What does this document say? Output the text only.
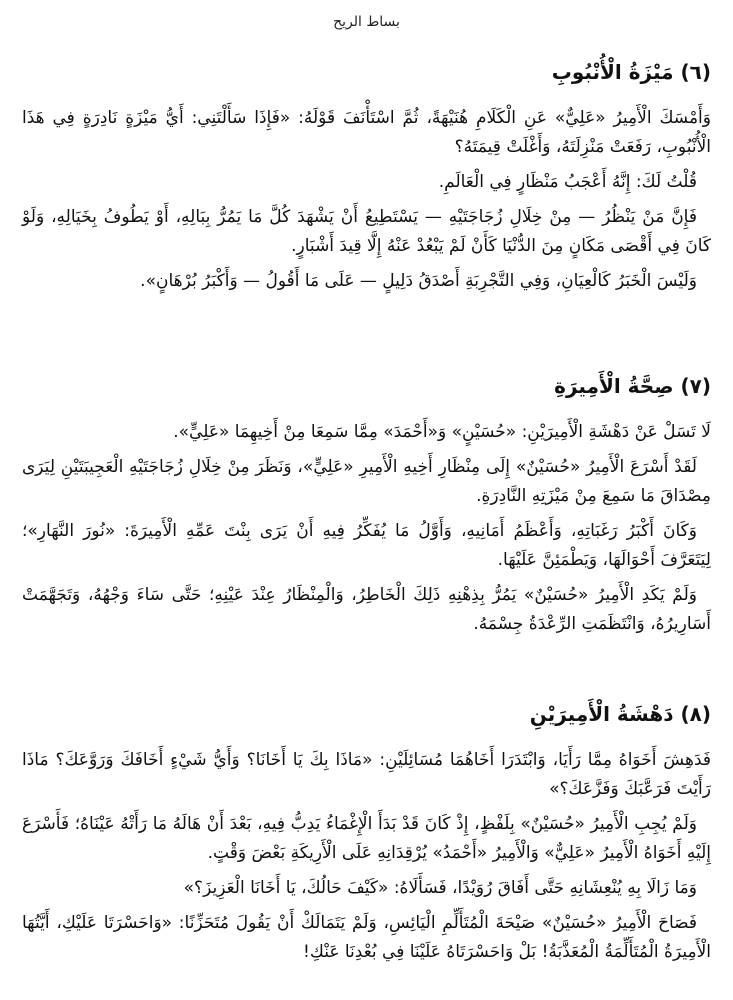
بساط الريح
(٦) مَيْزَةُ الْأُنْبُوبِ

وَأَمْسَكَ الْأَمِيرُ «عَلِيٌّ» عَنِ الْكَلَامِ هُنَيْهَةً، ثُمَّ اسْتَأْنَفَ قَوْلَهُ: «فَإِذَا سَأَلْتَنِي: أَيُّ مَيْزَةٍ نَادِرَةٍ فِي هَذَا الْأُنْبُوبِ، رَفَعَتْ مَنْزِلَتَهُ، وَأَغْلَتْ قِيمَتَهُ؟

قُلْتُ لَكَ: إِنَّهُ أَعْجَبُ مَنْظَارٍ فِي الْعَالَمِ.

فَإِنَّ مَنْ يَنْظُرُ — مِنْ خِلَالِ زُجَاجَتَيْهِ — يَسْتَطِيعُ أَنْ يَشْهَدَ كُلَّ مَا يَمُرُّ بِبَالِهِ، أَوْ يَطُوفُ بِخَيَالِهِ، وَلَوْ كَانَ فِي أَقْصَى مَكَانٍ مِنَ الدُّنْيَا كَأَنْ لَمْ يَبْعُدْ عَنْهُ إِلَّا قِيدَ أَشْبَارٍ.

وَلَيْسَ الْخَبَرُ كَالْعِيَانِ، وَفِي التَّجْرِبَةِ أَصْدَقُ دَلِيلٍ — عَلَى مَا أَقُولُ — وَأَكْبَرُ بُرْهَانٍ».

(٧) صِحَّةُ الْأَمِيرَةِ

لَا تَسَلْ عَنْ دَهْشَةِ الْأَمِيرَيْنِ: «حُسَيْنٍ» وَ«أَحْمَدَ» مِمَّا سَمِعَا مِنْ أَخِيهِمَا «عَلِيٍّ».

لَقَدْ أَسْرَعَ الْأَمِيرُ «حُسَيْنٌ» إِلَى مِنْظَارِ أَخِيهِ الْأَمِيرِ «عَلِيٍّ»، وَنَظَرَ مِنْ خِلَالِ زُجَاجَتَيْهِ الْعَجِيبَتَيْنِ لِيَرَى مِصْدَاقَ مَا سَمِعَ مِنْ مَيْزَتِهِ النَّادِرَةِ.

وَكَانَ أَكْبَرُ رَغَبَاتِهِ، وَأَعْظَمُ أَمَانِيهِ، وَأَوَّلُ مَا يُفَكِّرُ فِيهِ أَنْ يَرَى بِنْتَ عَمِّهِ الْأَمِيرَةَ: «نُورَ النَّهَارِ»؛ لِيَتَعَرَّفَ أَحْوَالَهَا، وَيَطْمَئِنَّ عَلَيْهَا.

وَلَمْ يَكَدِ الْأَمِيرُ «حُسَيْنٌ» يَمُرُّ بِذِهْنِهِ ذَلِكَ الْخَاطِرُ، وَالْمِنْظَارُ عِنْدَ عَيْنِهِ؛ حَتَّى سَاءَ وَجْهُهُ، وَتَجَهَّمَتْ أَسَارِيرُهُ، وَانْتَظَمَتِ الرِّعْدَةُ جِسْمَهُ.

(٨) دَهْشَةُ الْأَمِيرَيْنِ

فَدَهِشَ أَخَوَاهُ مِمَّا رَأَيَا، وَابْتَدَرَا أَخَاهُمَا مُسَائِلَيْنِ: «مَاذَا بِكَ يَا أَخَانَا؟ وَأَيُّ شَيْءٍ أَخَافَكَ وَرَوَّعَكَ؟ مَاذَا رَأَيْتَ فَرَعَّبَكَ وَفَزَّعَكَ؟»

وَلَمْ يُجِبِ الْأَمِيرُ «حُسَيْنٌ» بِلَفْظٍ، إِذْ كَانَ قَدْ بَدَأَ الْإِغْمَاءُ يَدِبُّ فِيهِ، بَعْدَ أَنْ هَالَهُ مَا رَأَتْهُ عَيْنَاهُ؛ فَأَسْرَعَ إِلَيْهِ أَخَوَاهُ الْأَمِيرُ «عَلِيٌّ» وَالْأَمِيرُ «أَحْمَدُ» يُرْقِدَانِهِ عَلَى الْأَرِيكَةِ بَعْضَ وَقْتٍ.

وَمَا زَالَا بِهِ يُنْعِشَانِهِ حَتَّى أَفَاقَ رُوَيْدًا، فَسَأَلَاهُ: «كَيْفَ حَالُكَ، يَا أَخَانَا الْعَزِيزَ؟»

فَصَاحَ الْأَمِيرُ «حُسَيْنٌ» صَيْحَةَ الْمُتَأَلِّمِ الْيَائِسِ، وَلَمْ يَتَمَالَكْ أَنْ يَقُولَ مُتَحَزِّنًا: «وَاحَسْرَتَا عَلَيْكِ، أَيَّتُهَا الْأَمِيرَةُ الْمُتَأَلِّمَةُ الْمُعَذَّبَةُ! بَلْ وَاحَسْرَتَاهُ عَلَيْنَا فِي بُعْدِنَا عَنْكِ!
